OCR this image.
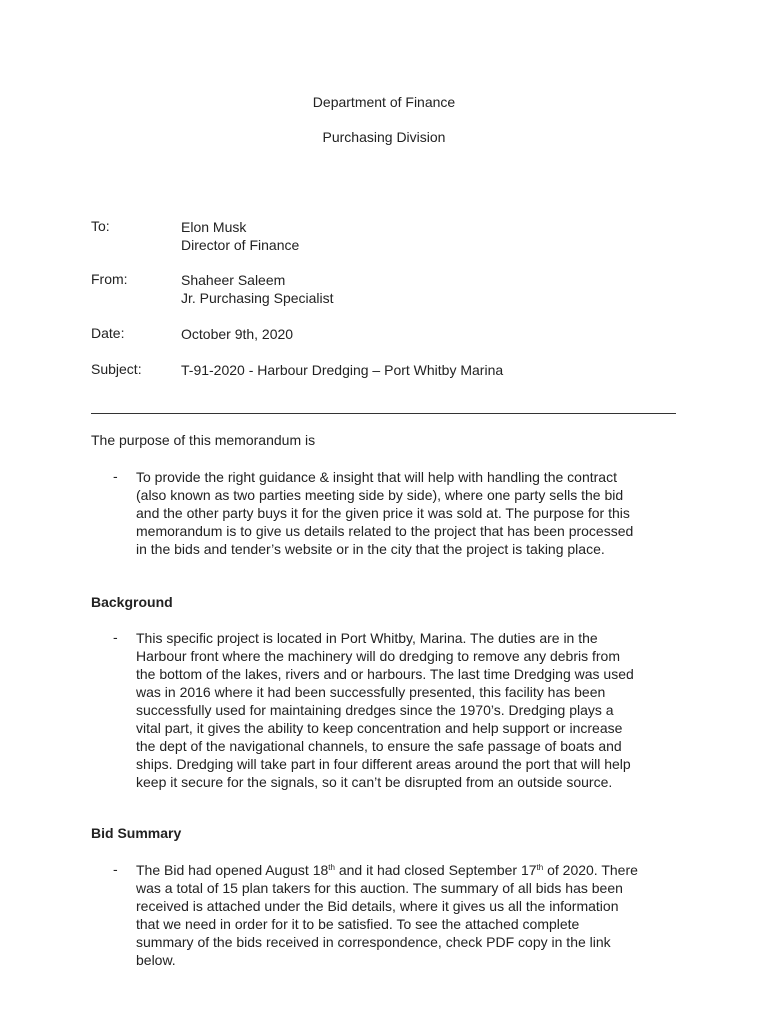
Department of Finance
Purchasing Division
To:	Elon Musk
Director of Finance
From:	Shaheer Saleem
Jr. Purchasing Specialist
Date:	October 9th, 2020
Subject:	T-91-2020 - Harbour Dredging – Port Whitby Marina
The purpose of this memorandum is
- To provide the right guidance & insight that will help with handling the contract
(also known as two parties meeting side by side), where one party sells the bid
and the other party buys it for the given price it was sold at. The purpose for this
memorandum is to give us details related to the project that has been processed
in the bids and tender’s website or in the city that the project is taking place.
Background
- This specific project is located in Port Whitby, Marina. The duties are in the
Harbour front where the machinery will do dredging to remove any debris from
the bottom of the lakes, rivers and or harbours. The last time Dredging was used
was in 2016 where it had been successfully presented, this facility has been
successfully used for maintaining dredges since the 1970’s. Dredging plays a
vital part, it gives the ability to keep concentration and help support or increase
the dept of the navigational channels, to ensure the safe passage of boats and
ships. Dredging will take part in four different areas around the port that will help
keep it secure for the signals, so it can’t be disrupted from an outside source.
Bid Summary
- The Bid had opened August 18th and it had closed September 17th of 2020. There
was a total of 15 plan takers for this auction. The summary of all bids has been
received is attached under the Bid details, where it gives us all the information
that we need in order for it to be satisfied. To see the attached complete
summary of the bids received in correspondence, check PDF copy in the link
below.
